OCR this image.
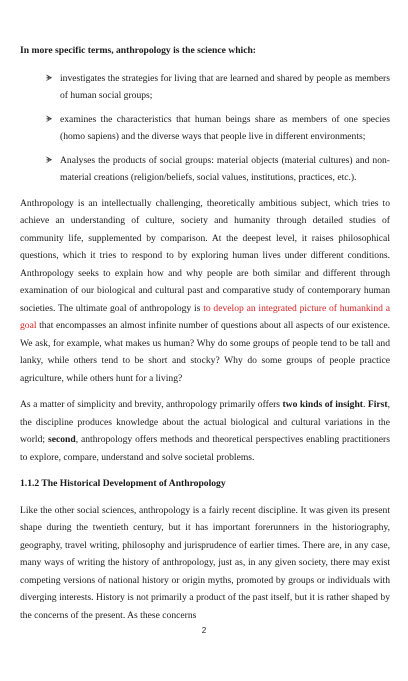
In more specific terms, anthropology is the science which:
ᗙ investigates the strategies for living that are learned and shared by people as members of human social groups;
ᗙ examines the characteristics that human beings share as members of one species (homo sapiens) and the diverse ways that people live in different environments;
ᗙ Analyses the products of social groups: material objects (material cultures) and non-material creations (religion/beliefs, social values, institutions, practices, etc.).

Anthropology is an intellectually challenging, theoretically ambitious subject, which tries to achieve an understanding of culture, society and humanity through detailed studies of community life, supplemented by comparison. At the deepest level, it raises philosophical questions, which it tries to respond to by exploring human lives under different conditions. Anthropology seeks to explain how and why people are both similar and different through examination of our biological and cultural past and comparative study of contemporary human societies. The ultimate goal of anthropology is to develop an integrated picture of humankind a goal that encompasses an almost infinite number of questions about all aspects of our existence. We ask, for example, what makes us human? Why do some groups of people tend to be tall and lanky, while others tend to be short and stocky? Why do some groups of people practice agriculture, while others hunt for a living?

As a matter of simplicity and brevity, anthropology primarily offers two kinds of insight. First, the discipline produces knowledge about the actual biological and cultural variations in the world; second, anthropology offers methods and theoretical perspectives enabling practitioners to explore, compare, understand and solve societal problems.

1.1.2 The Historical Development of Anthropology

Like the other social sciences, anthropology is a fairly recent discipline. It was given its present shape during the twentieth century, but it has important forerunners in the historiography, geography, travel writing, philosophy and jurisprudence of earlier times. There are, in any case, many ways of writing the history of anthropology, just as, in any given society, there may exist competing versions of national history or origin myths, promoted by groups or individuals with diverging interests. History is not primarily a product of the past itself, but it is rather shaped by the concerns of the present. As these concerns

2
